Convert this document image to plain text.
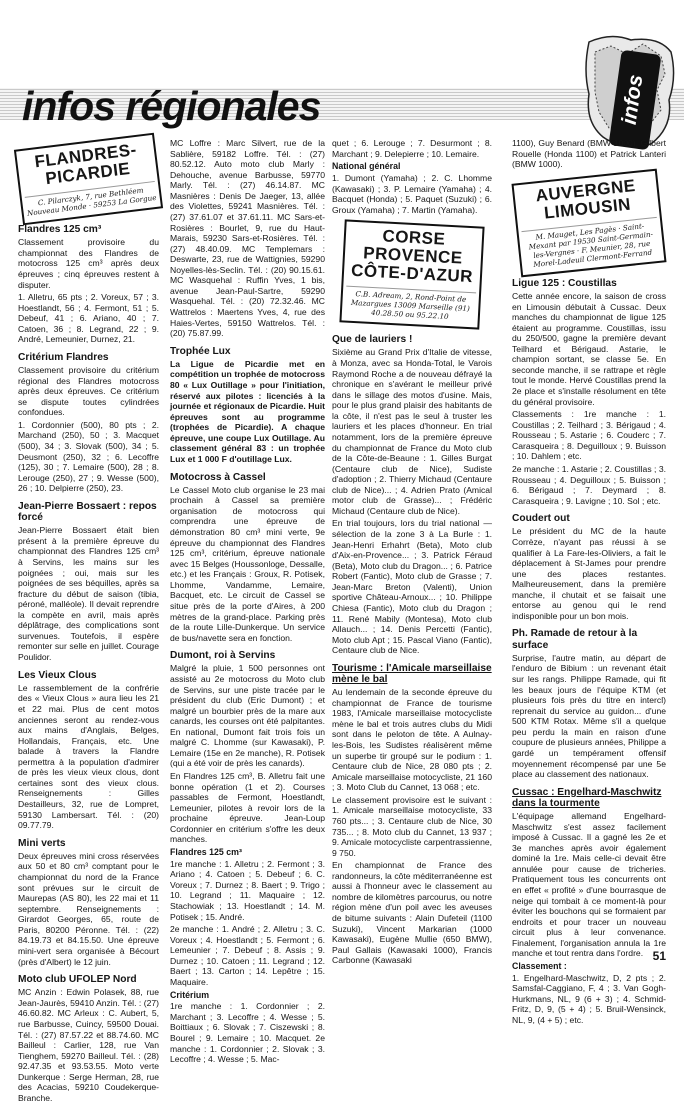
infos régionales	infos
FLANDRES-PICARDIE
C. Pilarczyk, 7, rue Bethléem Nouveau Monde · 59253 La Gorgue
Flandres 125 cm³

Classement provisoire du championnat des Flandres de motocross 125 cm³ après deux épreuves ; cinq épreuves restent à disputer.

1. Alletru, 65 pts ; 2. Voreux, 57 ; 3. Hoestlandt, 56 ; 4. Fermont, 51 ; 5. Debeuf, 41 ; 6. Ariano, 40 ; 7. Catoen, 36 ; 8. Legrand, 22 ; 9. André, Lemeunier, Durnez, 21.

Critérium Flandres

Classement provisoire du critérium régional des Flandres motocross après deux épreuves. Ce critérium se dispute toutes cylindrées confondues.

1. Cordonnier (500), 80 pts ; 2. Marchand (250), 50 ; 3. Macquet (500), 34 ; 3. Slovak (500), 34 ; 5. Deusmont (250), 32 ; 6. Lecoffre (125), 30 ; 7. Lemaire (500), 28 ; 8. Lerouge (250), 27 ; 9. Wesse (500), 26 ; 10. Delpierre (250), 23.

Jean-Pierre Bossaert : repos forcé

Jean-Pierre Bossaert était bien présent à la première épreuve du championnat des Flandres 125 cm³ à Servins, les mains sur les poignées ; oui, mais sur les poignées de ses béquilles, après sa fracture du début de saison (tibia, péroné, malléole). Il devait reprendre la compète en avril, mais après déplâtrage, des complications sont survenues. Toutefois, il espère remonter sur selle en juillet. Courage Poulidor.

Les Vieux Clous

Le rassemblement de la confrérie des « Vieux Clous » aura lieu les 21 et 22 mai. Plus de cent motos anciennes seront au rendez-vous aux mains d'Anglais, Belges, Hollandais, Français, etc. Une balade à travers la Flandre permettra à la population d'admirer de près les vieux vieux clous, dont certaines sont des vieux clous. Renseignements : Gilles Destailleurs, 32, rue de Lompret, 59130 Lambersart. Tél. : (20) 09.77.79.

Mini verts

Deux épreuves mini cross réservées aux 50 et 80 cm³ comptant pour le championnat du nord de la France sont prévues sur le circuit de Maurepas (AS 80), les 22 mai et 11 septembre. Renseignements : Girardot Georges, 65, route de Paris, 80200 Péronne. Tél. : (22) 84.19.73 et 84.15.50. Une épreuve mini-vert sera organisée à Bécourt (près d'Albert) le 12 juin.

Moto club UFOLEP Nord

MC Anzin : Edwin Polasek, 88, rue Jean-Jaurès, 59410 Anzin. Tél. : (27) 46.60.82. MC Arleux : C. Aubert, 5, rue Barbusse, Cuincy, 59500 Douai. Tél. : (27) 87.57.22 et 88.74.60. MC Bailleul : Carlier, 128, rue Van Tienghem, 59270 Bailleul. Tél. : (28) 92.47.35 et 93.53.55. Moto verte Dunkerque : Serge Herman, 28, rue des Acacias, 59210 Coudekerque-Branche.

MC Loffre : Marc Silvert, rue de la Sablière, 59182 Loffre. Tél. : (27) 80.52.12. Auto moto club Marly : Dehouche, avenue Barbusse, 59770 Marly. Tél. : (27) 46.14.87. MC Masnières : Denis De Jaeger, 13, allée des Violettes, 59241 Masnières. Tél. : (27) 37.61.07 et 37.61.11. MC Sars-et-Rosières : Bourlet, 9, rue du Haut-Marais, 59230 Sars-et-Rosières. Tél. : (27) 48.40.09. MC Templemars : Deswarte, 23, rue de Wattignies, 59290 Noyelles-lès-Seclin. Tél. : (20) 90.15.61. MC Wasquehal : Ruffin Yves, 1 bis, avenue Jean-Paul-Sartre, 59290 Wasquehal. Tél. : (20) 72.32.46. MC Wattrelos : Maertens Yves, 4, rue des Haies-Vertes, 59150 Wattrelos. Tél. : (20) 75.87.99.

Trophée Lux

La Ligue de Picardie met en compétition un trophée de motocross 80 « Lux Outillage » pour l'initiation, réservé aux pilotes : licenciés à la journée et régionaux de Picardie. Huit épreuves sont au programme (trophées de Picardie). A chaque épreuve, une coupe Lux Outillage. Au classement général 83 : un trophée Lux et 1 000 F d'outillage Lux.

Motocross à Cassel

Le Cassel Moto club organise le 23 mai prochain à Cassel sa première organisation de motocross qui comprendra une épreuve de démonstration 80 cm³ mini verte, 9e épreuve du championnat des Flandres 125 cm³, critérium, épreuve nationale avec 15 Belges (Houssonloge, Dessalle, etc.) et les Français : Groux, R. Potisek, Lhomme, Vandamme, Lemaire, Bacquet, etc. Le circuit de Cassel se situe près de la porte d'Aires, à 200 mètres de la grand-place. Parking près de la route Lille-Dunkerque. Un service de bus/navette sera en fonction.

Dumont, roi à Servins

Malgré la pluie, 1 500 personnes ont assisté au 2e motocross du Moto club de Servins, sur une piste tracée par le président du club (Eric Dumont) ; et malgré un bourbier près de la mare aux canards, les courses ont été palpitantes. En national, Dumont fait trois fois un malgré C. Lhomme (sur Kawasaki), P. Lemaire (15e en 2e manche), R. Potisek (qui a été voir de près les canards).

En Flandres 125 cm³, B. Alletru fait une bonne opération (1 et 2). Courses passables de Fermont, Hoestlandt, Lemeunier, pilotes à revoir lors de la prochaine épreuve. Jean-Loup Cordonnier en critérium s'offre les deux manches.

Flandres 125 cm³

1re manche : 1. Alletru ; 2. Fermont ; 3. Ariano ; 4. Catoen ; 5. Debeuf ; 6. C. Voreux ; 7. Durnez ; 8. Baert ; 9. Trigo ; 10. Legrand ; 11. Maquaire ; 12. Stachowiak ; 13. Hoestlandt ; 14. M. Potisek ; 15. André.

2e manche : 1. André ; 2. Alletru ; 3. C. Voreux ; 4. Hoestlandt ; 5. Fermont ; 6. Lemeunier ; 7. Debeuf ; 8. Assis ; 9. Durnez ; 10. Catoen ; 11. Legrand ; 12. Baert ; 13. Carton ; 14. Lepêtre ; 15. Maquaire.

Critérium

1re manche : 1. Cordonnier ; 2. Marchant ; 3. Lecoffre ; 4. Wesse ; 5. Boittiaux ; 6. Slovak ; 7. Ciszewski ; 8. Bourel ; 9. Lemaire ; 10. Macquet. 2e manche : 1. Cordonnier ; 2. Slovak ; 3. Lecoffre ; 4. Wesse ; 5. Mac-

quet ; 6. Lerouge ; 7. Desurmont ; 8. Marchant ; 9. Delepierre ; 10. Lemaire.

National général

1. Dumont (Yamaha) ; 2. C. Lhomme (Kawasaki) ; 3. P. Lemaire (Yamaha) ; 4. Bacquet (Honda) ; 5. Paquet (Suzuki) ; 6. Groux (Yamaha) ; 7. Martin (Yamaha).

CORSE PROVENCE CÔTE-D'AZUR
C.B. Adream, 2, Rond-Point de Mazargues 13009 Marseille (91) 40.28.50 ou 95.22.10
Que de lauriers !

Sixième au Grand Prix d'Italie de vitesse, à Monza, avec sa Honda-Total, le Varois Raymond Roche a de nouveau défrayé la chronique en s'avérant le meilleur privé dans le sillage des motos d'usine. Mais, pour le plus grand plaisir des habitants de la côte, il n'est pas le seul à truster les lauriers et les places d'honneur. En trial notamment, lors de la première épreuve du championnat de France du Moto club de la Côte-de-Beaune : 1. Gilles Burgat (Centaure club de Nice), Sudiste d'adoption ; 2. Thierry Michaud (Centaure club de Nice)... ; 4. Adrien Prato (Amical motor club de Grasse)... ; Frédéric Michaud (Centaure club de Nice).

En trial toujours, lors du trial national — sélection de la zone 3 à La Burle : 1. Jean-Henri Erhahrt (Beta), Moto club d'Aix-en-Provence... ; 3. Patrick Féraud (Beta), Moto club du Dragon... ; 6. Patrice Robert (Fantic), Moto club de Grasse ; 7. Jean-Marc Breton (Valenti), Union sportive Château-Arnoux... ; 10. Philippe Chiesa (Fantic), Moto club du Dragon ; 11. René Mabily (Montesa), Moto club Allauch... ; 14. Denis Percetti (Fantic), Moto club Apt ; 15. Pascal Viano (Fantic), Centaure club de Nice.

Tourisme : l'Amicale marseillaise mène le bal

Au lendemain de la seconde épreuve du championnat de France de tourisme 1983, l'Amicale marseillaise motocycliste mène le bal et trois autres clubs du Midi sont dans le peloton de tête. A Aulnay-les-Bois, les Sudistes réalisèrent même un superbe tir groupé sur le podium : 1. Centaure club de Nice, 28 080 pts ; 2. Amicale marseillaise motocycliste, 21 160 ; 3. Moto Club du Cannet, 13 068 ; etc.

Le classement provisoire est le suivant : 1. Amicale marseillaise motocycliste, 33 760 pts... ; 3. Centaure club de Nice, 30 735... ; 8. Moto club du Cannet, 13 937 ; 9. Amicale motocycliste carpentrassienne, 9 750.

En championnat de France des randonneurs, la côte méditerranéenne est aussi à l'honneur avec le classement au nombre de kilomètres parcourus, ou notre région mène d'un poil avec les aveuses de bitume suivants : Alain Dufeteil (1100 Suzuki), Vincent Markarian (1000 Kawasaki), Eugène Mullie (650 BMW), Paul Gallais (Kawasaki 1000), Francis Carbonne (Kawasaki

1100), Guy Benard (BMW 1000), Gilbert Rouelle (Honda 1100) et Patrick Lanteri (BMW 1000).

AUVERGNE LIMOUSIN
M. Mauget, Les Pagès · Saint-Mexant par 19530 Saint-Germain-les-Vergnes · F. Meunier, 28, rue Morel-Ladeuil Clermont-Ferrand
Ligue 125 : Coustillas

Cette année encore, la saison de cross en Limousin débutait à Cussac. Deux manches du championnat de ligue 125 étaient au programme. Coustillas, issu du 250/500, gagne la première devant Teilhard et Bérigaud. Astarie, le champion sortant, se classe 5e. En seconde manche, il se rattrape et règle tout le monde. Hervé Coustillas prend la 2e place et s'installe résolument en tête du général provisoire.

Classements : 1re manche : 1. Coustillas ; 2. Teilhard ; 3. Bérigaud ; 4. Rousseau ; 5. Astarie ; 6. Couderc ; 7. Carasqueira ; 8. Deguilloux ; 9. Buisson ; 10. Dahlem ; etc.

2e manche : 1. Astarie ; 2. Coustillas ; 3. Rousseau ; 4. Deguilloux ; 5. Buisson ; 6. Bérigaud ; 7. Deymard ; 8. Carasqueira ; 9. Lavigne ; 10. Sol ; etc.

Coudert out

Le président du MC de la haute Corrèze, n'ayant pas réussi à se qualifier à La Fare-les-Oliviers, a fait le déplacement à St-James pour prendre une des places restantes. Malheureusement, dans la première manche, il chutait et se faisait une entorse au genou qui le rend indisponible pour un bon mois.

Ph. Ramade de retour à la surface

Surprise, l'autre matin, au départ de l'enduro de Bibium : un revenant était sur les rangs. Philippe Ramade, qui fit les beaux jours de l'équipe KTM (et plusieurs fois près du titre en intercl) reprenait du service au guidon... d'une 500 KTM Rotax. Même s'il a quelque peu perdu la main en raison d'une coupure de plusieurs années, Philippe a gardé un tempérament offensif moyennement récompensé par une 5e place au classement des nationaux.

Cussac : Engelhard-Maschwitz dans la tourmente

L'équipage allemand Engelhard-Maschwitz s'est assez facilement imposé à Cussac. Il a gagné les 2e et 3e manches après avoir également dominé la 1re. Mais celle-ci devait être annulée pour cause de tricheries. Pratiquement tous les concurrents ont en effet « profité » d'une bourrasque de neige qui tombait à ce moment-là pour éviter les bouchons qui se formaient par endroits et pour tracer un nouveau circuit plus à leur convenance. Finalement, l'organisation annula la 1re manche et tout rentra dans l'ordre.

Classement :

1. Engelhard-Maschwitz, D, 2 pts ; 2. Samsfal-Caggiano, F, 4 ; 3. Van Gogh-Hurkmans, NL, 9 (6 + 3) ; 4. Schmid-Fritz, D, 9, (5 + 4) ; 5. Bruil-Wensinck, NL, 9, (4 + 5) ; etc.

51
